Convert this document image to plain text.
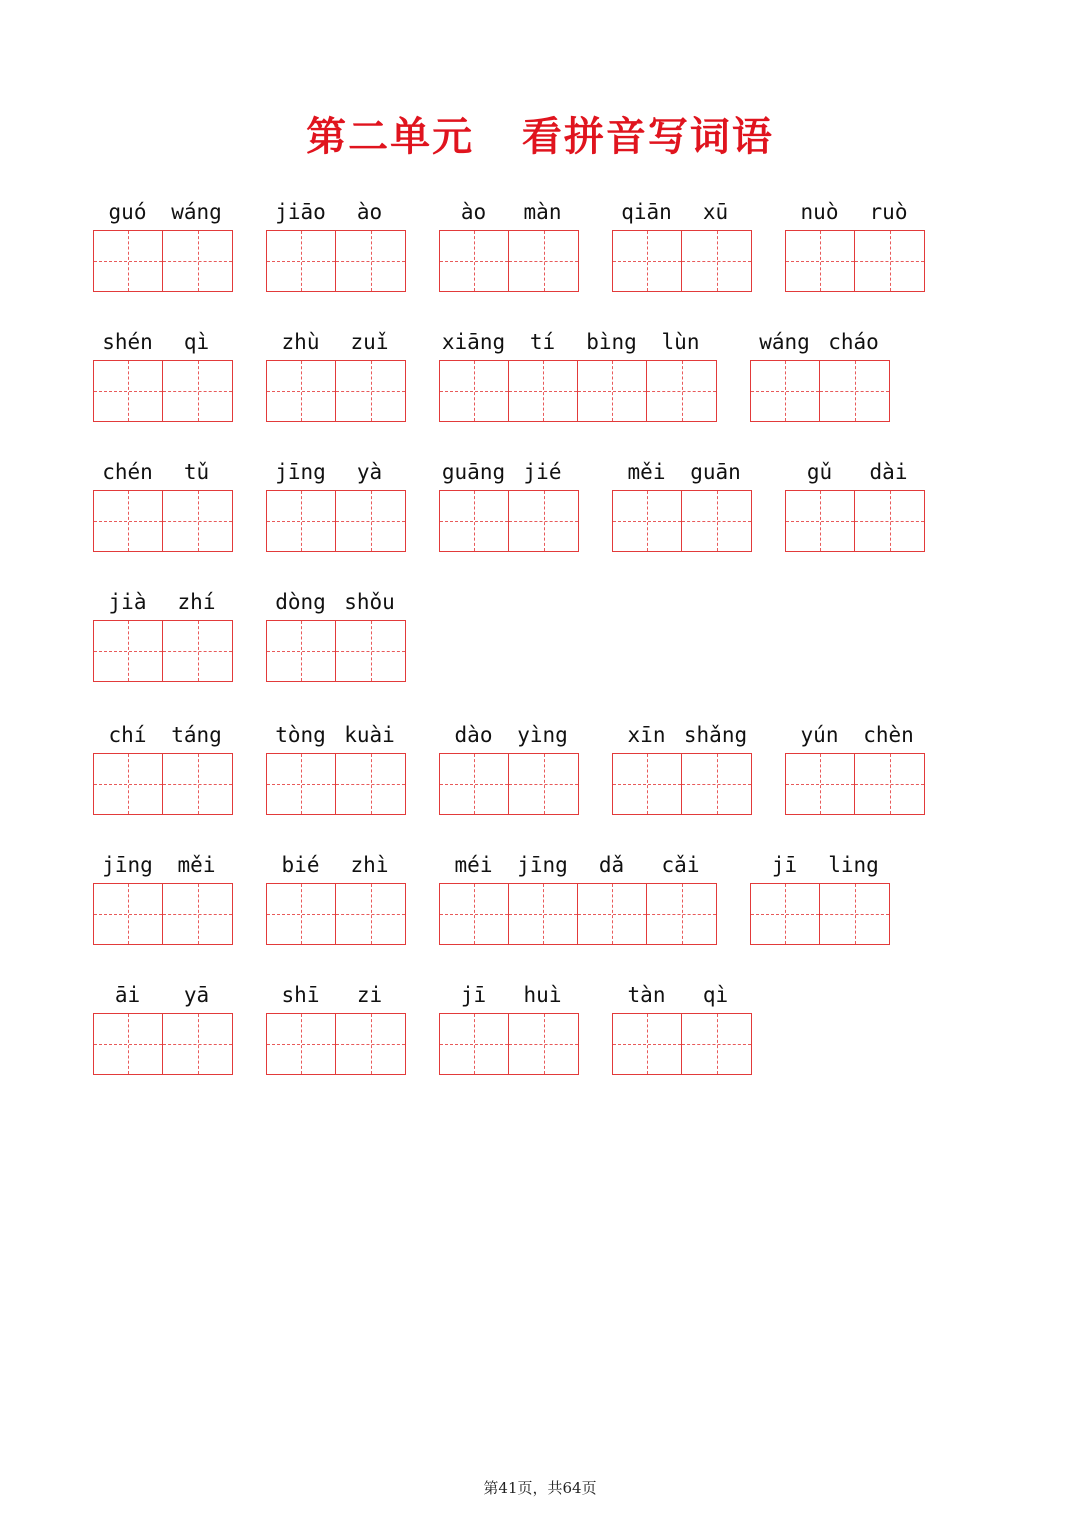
第二单元   看拼音写词语
guó wáng	jiāo ào	ào màn	qiān xū	nuò ruò
shén qì	zhù zuǐ	xiāng tí bìng lùn	wáng cháo
chén tǔ	jīng yà	guāng jié	měi guān	gǔ dài
jià zhí	dòng shǒu
chí táng	tòng kuài	dào yìng	xīn shǎng	yún chèn
jīng měi	bié zhì	méi jīng dǎ cǎi	jī ling
āi yā	shī zi	jī huì	tàn qì
第41页，共64页
